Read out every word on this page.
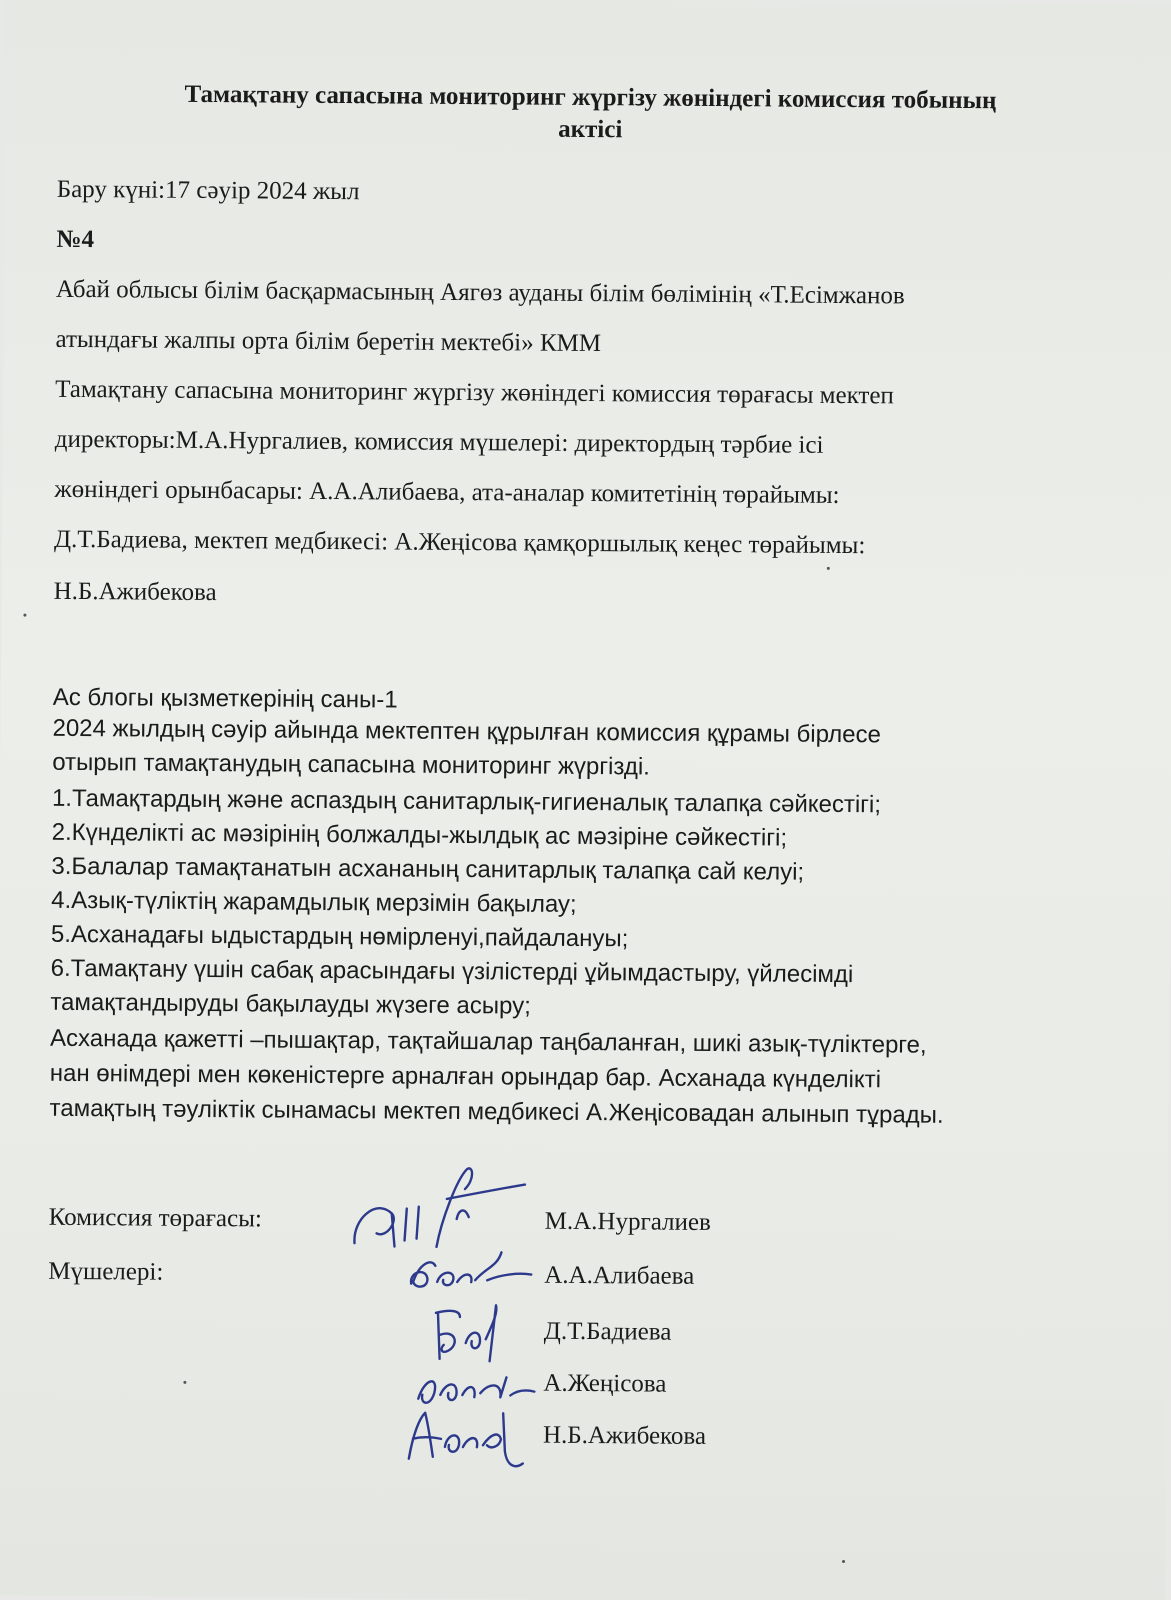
Тамақтану сапасына мониторинг жүргізу жөніндегі комиссия тобының
актісі
Бару күні:17 сәуір 2024 жыл
№4
Абай облысы білім басқармасының Аягөз ауданы білім бөлімінің «Т.Есімжанов
атындағы жалпы орта білім беретін мектебі» КММ
Тамақтану сапасына мониторинг жүргізу жөніндегі комиссия төрағасы мектеп
директоры:М.А.Нургалиев, комиссия мүшелері: директордың тәрбие ісі
жөніндегі орынбасары: А.А.Алибаева, ата-аналар комитетінің төрайымы:
Д.Т.Бадиева, мектеп медбикесі: А.Жеңісова қамқоршылық кеңес төрайымы:
Н.Б.Ажибекова
Ас блогы қызметкерінің саны-1
2024 жылдың сәуір айында мектептен құрылған комиссия құрамы бірлесе
отырып тамақтанудың сапасына мониторинг жүргізді.
1.Тамақтардың және аспаздың санитарлық-гигиеналық талапқа сәйкестігі;
2.Күнделікті ас мәзірінің болжалды-жылдық ас мәзіріне сәйкестігі;
3.Балалар тамақтанатын асхананың санитарлық талапқа сай келуі;
4.Азық-түліктің жарамдылық мерзімін бақылау;
5.Асханадағы ыдыстардың нөмірленуі,пайдалануы;
6.Тамақтану үшін сабақ арасындағы үзілістерді ұйымдастыру, үйлесімді
тамақтандыруды бақылауды жүзеге асыру;
Асханада қажетті –пышақтар, тақтайшалар таңбаланған, шикі азық-түліктерге,
нан өнімдері мен көкеністерге арналған орындар бар. Асханада күнделікті
тамақтың тәуліктік сынамасы мектеп медбикесі А.Жеңісовадан алынып тұрады.
Комиссия төрағасы:
Мүшелері:
М.А.Нургалиев
А.А.Алибаева
Д.Т.Бадиева
А.Жеңісова
Н.Б.Ажибекова
